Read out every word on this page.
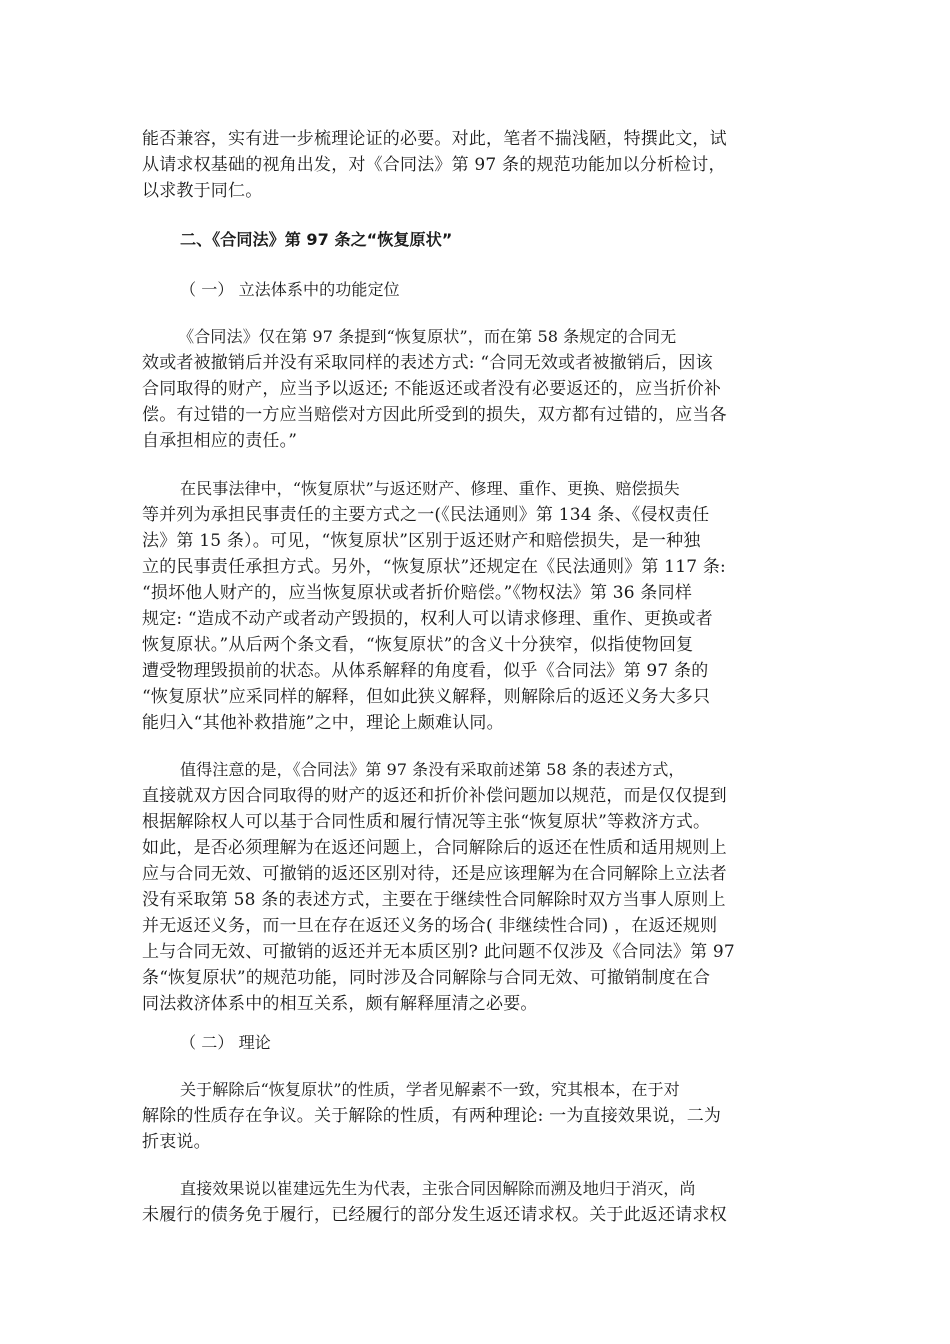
能否兼容，实有进一步梳理论证的必要。对此，笔者不揣浅陋，特撰此文，试
从请求权基础的视角出发，对《合同法》第 97 条的规范功能加以分析检讨，
以求教于同仁。
二、《合同法》第 97 条之“恢复原状”
（ 一） 立法体系中的功能定位
《合同法》仅在第 97 条提到“恢复原状”，而在第 58 条规定的合同无
效或者被撤销后并没有采取同样的表述方式: “合同无效或者被撤销后，因该
合同取得的财产，应当予以返还; 不能返还或者没有必要返还的，应当折价补
偿。有过错的一方应当赔偿对方因此所受到的损失，双方都有过错的，应当各
自承担相应的责任。”
在民事法律中，“恢复原状”与返还财产、修理、重作、更换、赔偿损失
等并列为承担民事责任的主要方式之一(《民法通则》第 134 条、《侵权责任
法》第 15 条）。可见，“恢复原状”区别于返还财产和赔偿损失，是一种独
立的民事责任承担方式。另外，“恢复原状”还规定在《民法通则》第 117 条:
“损坏他人财产的，应当恢复原状或者折价赔偿。”《物权法》第 36 条同样
规定: “造成不动产或者动产毁损的，权利人可以请求修理、重作、更换或者
恢复原状。”从后两个条文看，“恢复原状”的含义十分狭窄，似指使物回复
遭受物理毁损前的状态。从体系解释的角度看，似乎《合同法》第 97 条的
“恢复原状”应采同样的解释，但如此狭义解释，则解除后的返还义务大多只
能归入“其他补救措施”之中，理论上颇难认同。
值得注意的是，《合同法》第 97 条没有采取前述第 58 条的表述方式，
直接就双方因合同取得的财产的返还和折价补偿问题加以规范，而是仅仅提到
根据解除权人可以基于合同性质和履行情况等主张“恢复原状”等救济方式。
如此，是否必须理解为在返还问题上，合同解除后的返还在性质和适用规则上
应与合同无效、可撤销的返还区别对待，还是应该理解为在合同解除上立法者
没有采取第 58 条的表述方式，主要在于继续性合同解除时双方当事人原则上
并无返还义务，而一旦在存在返还义务的场合( 非继续性合同) ，在返还规则
上与合同无效、可撤销的返还并无本质区别? 此问题不仅涉及《合同法》第 97
条“恢复原状”的规范功能，同时涉及合同解除与合同无效、可撤销制度在合
同法救济体系中的相互关系，颇有解释厘清之必要。
（ 二） 理论
关于解除后“恢复原状”的性质，学者见解素不一致，究其根本，在于对
解除的性质存在争议。关于解除的性质，有两种理论: 一为直接效果说，二为
折衷说。
直接效果说以崔建远先生为代表，主张合同因解除而溯及地归于消灭，尚
未履行的债务免于履行，已经履行的部分发生返还请求权。关于此返还请求权
